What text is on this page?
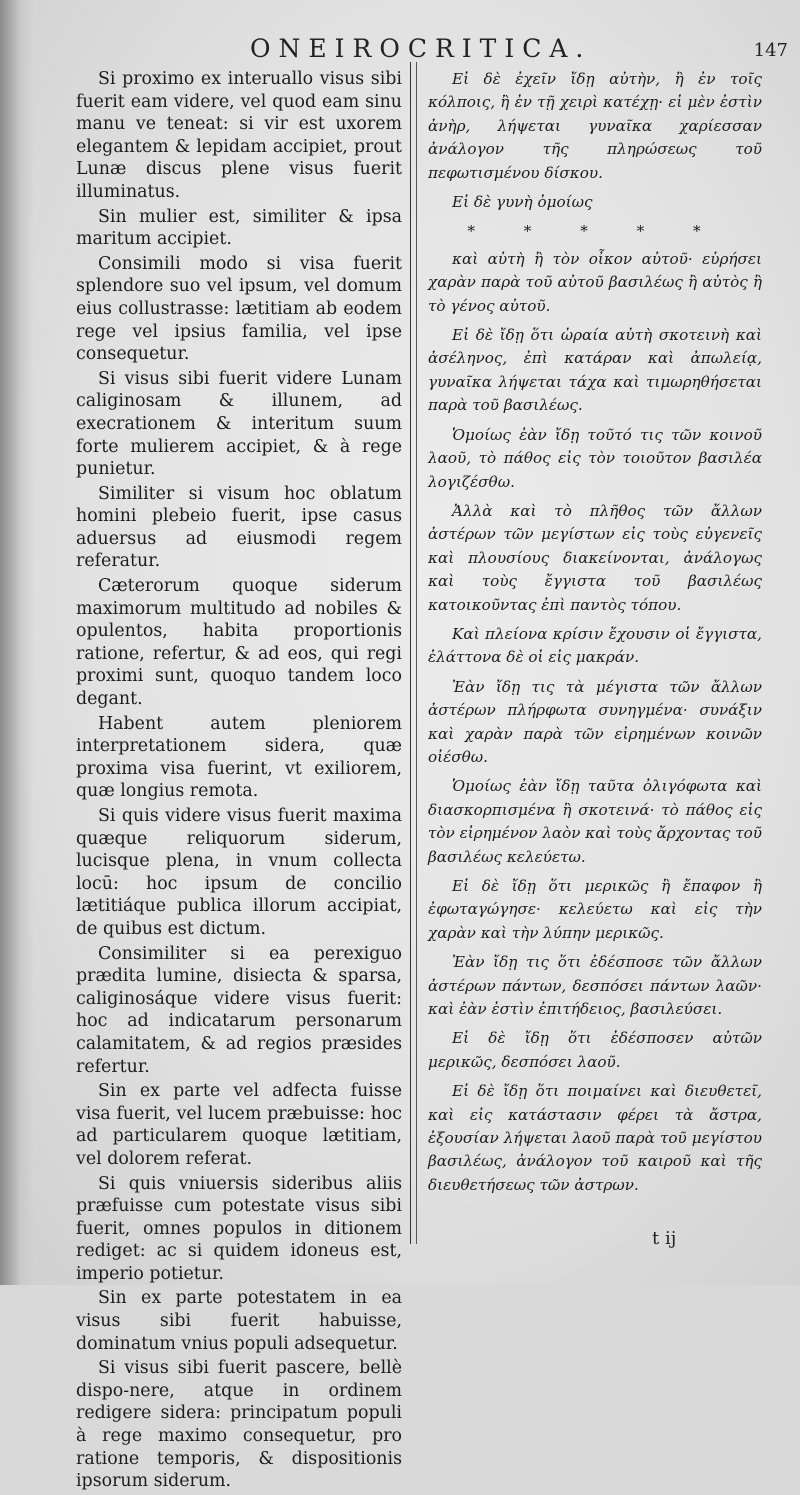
ONEIROCRITICA.	147

Si proximo ex interuallo visus sibi fuerit eam videre, vel quod eam sinu manu ve teneat: si vir est uxorem elegantem & lepidam accipiet, prout Lunæ discus plene visus fuerit illuminatus.

Sin mulier est, similiter & ipsa maritum accipiet.

Consimili modo si visa fuerit splendore suo vel ipsum, vel domum eius collustrasse: lætitiam ab eodem rege vel ipsius familia, vel ipse consequetur.

Si visus sibi fuerit videre Lunam caliginosam & illunem, ad execrationem & interitum suum forte mulierem accipiet, & à rege punietur.

Similiter si visum hoc oblatum homini plebeio fuerit, ipse casus aduersus ad eiusmodi regem referatur.

Cæterorum quoque siderum maximorum multitudo ad nobiles & opulentos, habita proportionis ratione, refertur, & ad eos, qui regi proximi sunt, quoquo tandem loco degant.

Habent autem pleniorem interpretationem sidera, quæ proxima visa fuerint, vt exiliorem, quæ longius remota.

Si quis videre visus fuerit maxima quæque reliquorum siderum, lucisque plena, in vnum collecta locū: hoc ipsum de concilio lætitiáque publica illorum accipiat, de quibus est dictum.

Consimiliter si ea perexiguo prædita lumine, disiecta & sparsa, caliginosáque videre visus fuerit: hoc ad indicatarum personarum calamitatem, & ad regios præsides refertur.

Sin ex parte vel adfecta fuisse visa fuerit, vel lucem præbuisse: hoc ad particularem quoque lætitiam, vel dolorem referat.

Si quis vniuersis sideribus aliis præfuisse cum potestate visus sibi fuerit, omnes populos in ditionem rediget: ac si quidem idoneus est, imperio potietur.

Sin ex parte potestatem in ea visus sibi fuerit habuisse, dominatum vnius populi adsequetur.

Si visus sibi fuerit pascere, bellè dispo-nere, atque in ordinem redigere sidera: principatum populi à rege maximo consequetur, pro ratione temporis, & dispositionis ipsorum siderum.

Εἰ δὲ ἐχεῖν ἴδῃ αὐτὴν, ἢ ἐν τοῖς κόλποις, ἢ ἐν τῇ χειρὶ κατέχῃ· εἰ μὲν ἐστὶν ἀνὴρ, λήψεται γυναῖκα χαρίεσσαν ἀνάλογον τῆς πληρώσεως τοῦ πεφωτισμένου δίσκου.

Εἰ δὲ γυνὴ ὁμοίως

* * * * *

καὶ αὐτὴ ἢ τὸν οἶκον αὐτοῦ· εὑρήσει χαρὰν παρὰ τοῦ αὐτοῦ βασιλέως ἢ αὐτὸς ἢ τὸ γένος αὐτοῦ.

Εἰ δὲ ἴδῃ ὅτι ὡραία αὐτὴ σκοτεινὴ καὶ ἀσέληνος, ἐπὶ κατάραν καὶ ἀπωλείᾳ, γυναῖκα λήψεται τάχα καὶ τιμωρηθήσεται παρὰ τοῦ βασιλέως.

Ὁμοίως ἐὰν ἴδῃ τοῦτό τις τῶν κοινοῦ λαοῦ, τὸ πάθος εἰς τὸν τοιοῦτον βασιλέα λογιζέσθω.

Ἀλλὰ καὶ τὸ πλῆθος τῶν ἄλλων ἀστέρων τῶν μεγίστων εἰς τοὺς εὐγενεῖς καὶ πλουσίους διακείνονται, ἀνάλογως καὶ τοὺς ἔγγιστα τοῦ βασιλέως κατοικοῦντας ἐπὶ παντὸς τόπου.

Καὶ πλείονα κρίσιν ἔχουσιν οἱ ἔγγιστα, ἐλάττονα δὲ οἱ εἰς μακράν.

Ἐὰν ἴδῃ τις τὰ μέγιστα τῶν ἄλλων ἀστέρων πλήρφωτα συνηγμένα· συνάξιν καὶ χαρὰν παρὰ τῶν εἰρημένων κοινῶν οἰέσθω.

Ὁμοίως ἐὰν ἴδῃ ταῦτα ὀλιγόφωτα καὶ διασκορπισμένα ἢ σκοτεινά· τὸ πάθος εἰς τὸν εἰρημένον λαὸν καὶ τοὺς ἄρχοντας τοῦ βασιλέως κελεύετω.

Εἰ δὲ ἴδῃ ὅτι μερικῶς ἢ ἔπαφον ἢ ἐφωταγώγησε· κελεύετω καὶ εἰς τὴν χαρὰν καὶ τὴν λύπην μερικῶς.

Ἐὰν ἴδῃ τις ὅτι ἐδέσποσε τῶν ἄλλων ἀστέρων πάντων, δεσπόσει πάντων λαῶν· καὶ ἐὰν ἐστὶν ἐπιτήδειος, βασιλεύσει.

Εἰ δὲ ἴδῃ ὅτι ἐδέσποσεν αὐτῶν μερικῶς, δεσπόσει λαοῦ.

Εἰ δὲ ἴδῃ ὅτι ποιμαίνει καὶ διευθετεῖ, καὶ εἰς κατάστασιν φέρει τὰ ἄστρα, ἐξουσίαν λήψεται λαοῦ παρὰ τοῦ μεγίστου βασιλέως, ἀνάλογον τοῦ καιροῦ καὶ τῆς διευθετήσεως τῶν ἀστρων.

t ij
